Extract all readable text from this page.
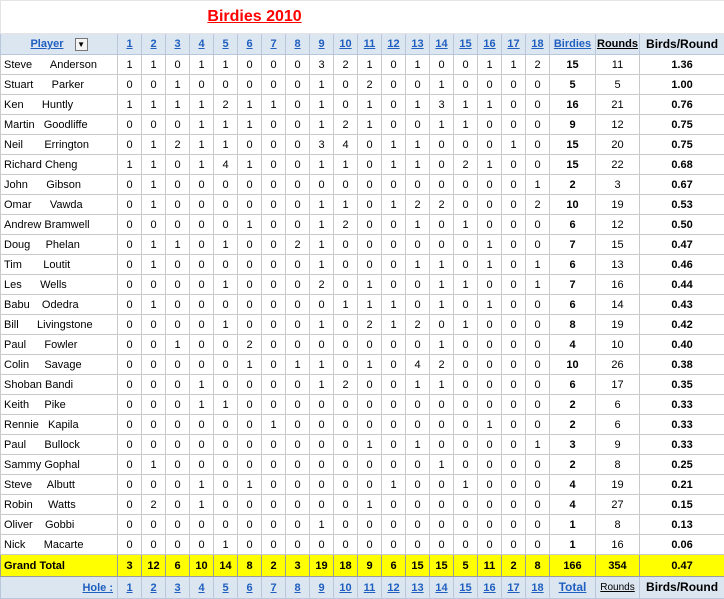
Birdies 2010																					
Player ▼	1	2	3	4	5	6	7	8	9	10	11	12	13	14	15	16	17	18	Birdies	Rounds	Birds/Round
Steve      Anderson	1	1	0	1	1	0	0	0	3	2	1	0	1	0	0	1	1	2	15	11	1.36
Stuart      Parker	0	0	1	0	0	0	0	0	1	0	2	0	0	1	0	0	0	0	5	5	1.00
Ken      Huntly	1	1	1	1	2	1	1	0	1	0	1	0	1	3	1	1	0	0	16	21	0.76
Martin   Goodliffe	0	0	0	1	1	1	0	0	1	2	1	0	0	1	1	0	0	0	9	12	0.75
Neil       Errington	0	1	2	1	1	0	0	0	3	4	0	1	1	0	0	0	1	0	15	20	0.75
Richard Cheng	1	1	0	1	4	1	0	0	1	1	0	1	1	0	2	1	0	0	15	22	0.68
John      Gibson	0	1	0	0	0	0	0	0	0	0	0	0	0	0	0	0	0	1	2	3	0.67
Omar      Vawda	0	1	0	0	0	0	0	0	1	1	0	1	2	2	0	0	0	2	10	19	0.53
Andrew Bramwell	0	0	0	0	0	1	0	0	1	2	0	0	1	0	1	0	0	0	6	12	0.50
Doug     Phelan	0	1	1	0	1	0	0	2	1	0	0	0	0	0	0	1	0	0	7	15	0.47
Tim       Loutit	0	1	0	0	0	0	0	0	1	0	0	0	1	1	0	1	0	1	6	13	0.46
Les      Wells	0	0	0	0	1	0	0	0	2	0	1	0	0	1	1	0	0	1	7	16	0.44
Babu    Odedra	0	1	0	0	0	0	0	0	0	1	1	1	0	1	0	1	0	0	6	14	0.43
Bill      Livingstone	0	0	0	0	1	0	0	0	1	0	2	1	2	0	1	0	0	0	8	19	0.42
Paul      Fowler	0	0	1	0	0	2	0	0	0	0	0	0	0	1	0	0	0	0	4	10	0.40
Colin     Savage	0	0	0	0	0	1	0	1	1	0	1	0	4	2	0	0	0	0	10	26	0.38
Shoban Bandi	0	0	0	1	0	0	0	0	1	2	0	0	1	1	0	0	0	0	6	17	0.35
Keith     Pike	0	0	0	1	1	0	0	0	0	0	0	0	0	0	0	0	0	0	2	6	0.33
Rennie   Kapila	0	0	0	0	0	0	1	0	0	0	0	0	0	0	0	1	0	0	2	6	0.33
Paul      Bullock	0	0	0	0	0	0	0	0	0	0	1	0	1	0	0	0	0	1	3	9	0.33
Sammy Gophal	0	1	0	0	0	0	0	0	0	0	0	0	0	1	0	0	0	0	2	8	0.25
Steve     Albutt	0	0	0	1	0	1	0	0	0	0	0	1	0	0	1	0	0	0	4	19	0.21
Robin     Watts	0	2	0	1	0	0	0	0	0	0	1	0	0	0	0	0	0	0	4	27	0.15
Oliver    Gobbi	0	0	0	0	0	0	0	0	1	0	0	0	0	0	0	0	0	0	1	8	0.13
Nick      Macarte	0	0	0	0	1	0	0	0	0	0	0	0	0	0	0	0	0	0	1	16	0.06
Grand Total	3	12	6	10	14	8	2	3	19	18	9	6	15	15	5	11	2	8	166	354	0.47
Hole :	1	2	3	4	5	6	7	8	9	10	11	12	13	14	15	16	17	18	Total	Rounds	Birds/Round
